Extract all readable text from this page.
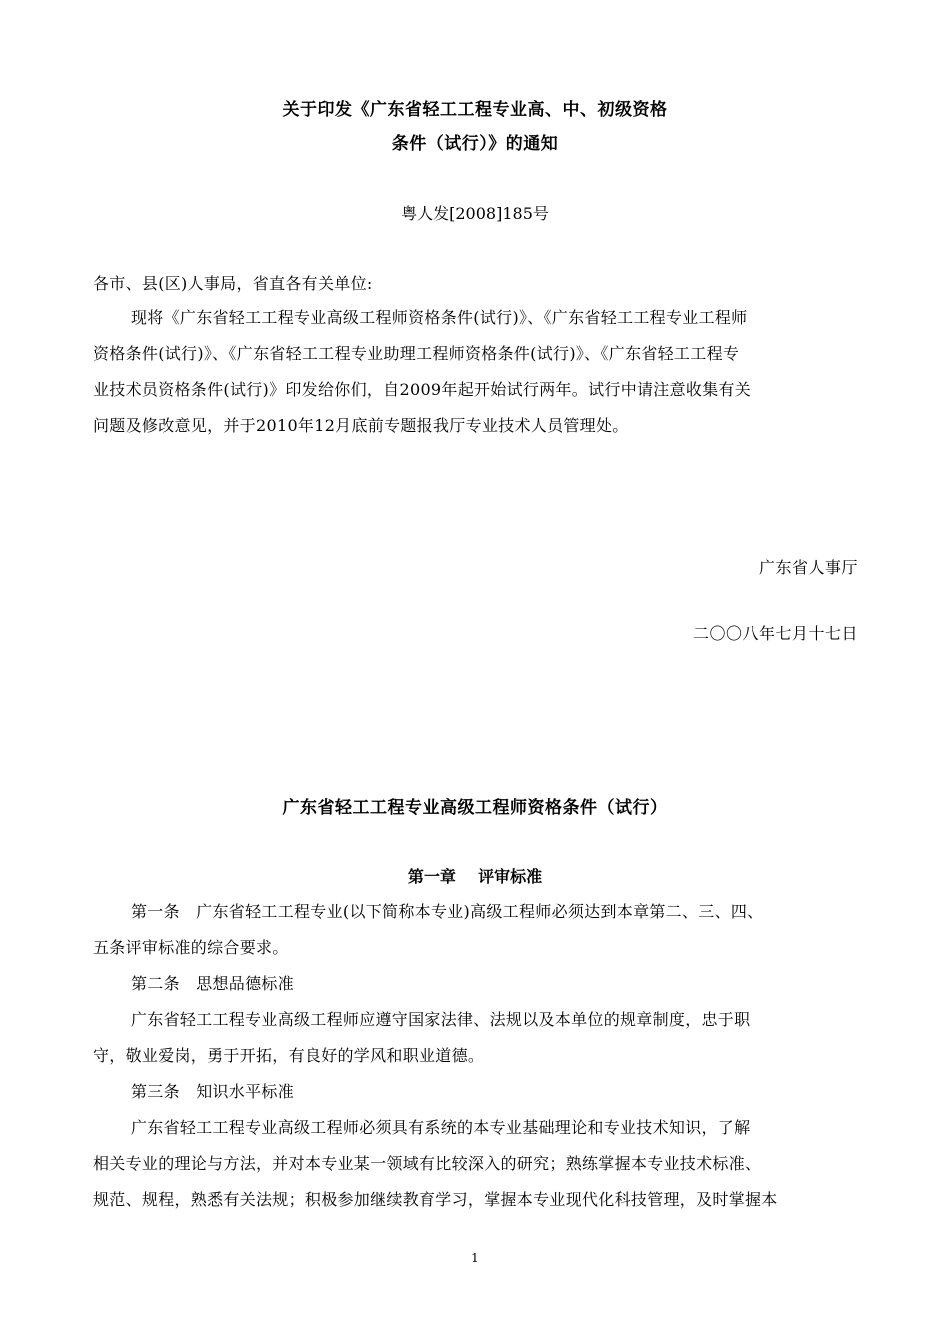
关于印发《广东省轻工工程专业高、中、初级资格
条件（试行）》的通知
粤人发[2008]185号
各市、县(区)人事局，省直各有关单位:
现将《广东省轻工工程专业高级工程师资格条件(试行)》、《广东省轻工工程专业工程师
资格条件(试行)》、《广东省轻工工程专业助理工程师资格条件(试行)》、《广东省轻工工程专
业技术员资格条件(试行)》印发给你们，自2009年起开始试行两年。试行中请注意收集有关
问题及修改意见，并于2010年12月底前专题报我厅专业技术人员管理处。
广东省人事厅
二〇〇八年七月十七日
广东省轻工工程专业高级工程师资格条件（试行）
第一章    评审标准
第一条　广东省轻工工程专业(以下简称本专业)高级工程师必须达到本章第二、三、四、
五条评审标准的综合要求。
第二条　思想品德标准
广东省轻工工程专业高级工程师应遵守国家法律、法规以及本单位的规章制度，忠于职
守，敬业爱岗，勇于开拓，有良好的学风和职业道德。
第三条　知识水平标准
广东省轻工工程专业高级工程师必须具有系统的本专业基础理论和专业技术知识，了解
相关专业的理论与方法，并对本专业某一领域有比较深入的研究；熟练掌握本专业技术标准、
规范、规程，熟悉有关法规；积极参加继续教育学习，掌握本专业现代化科技管理，及时掌握本
1
